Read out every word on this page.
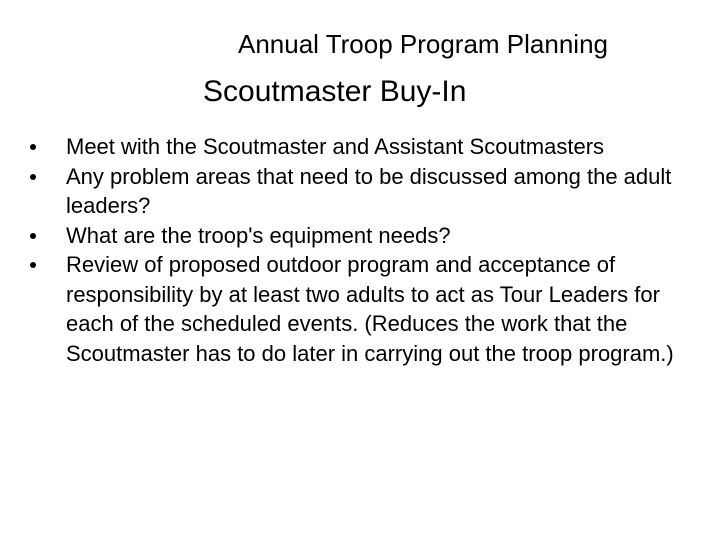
Annual Troop Program Planning
Scoutmaster Buy-In
Meet with the Scoutmaster and Assistant Scoutmasters
Any problem areas that need to be discussed among the adult leaders?
What are the troop's equipment needs?
Review of proposed outdoor program and acceptance of responsibility by at least two adults to act as Tour Leaders for each of the scheduled events. (Reduces the work that the Scoutmaster has to do later in carrying out the troop program.)
